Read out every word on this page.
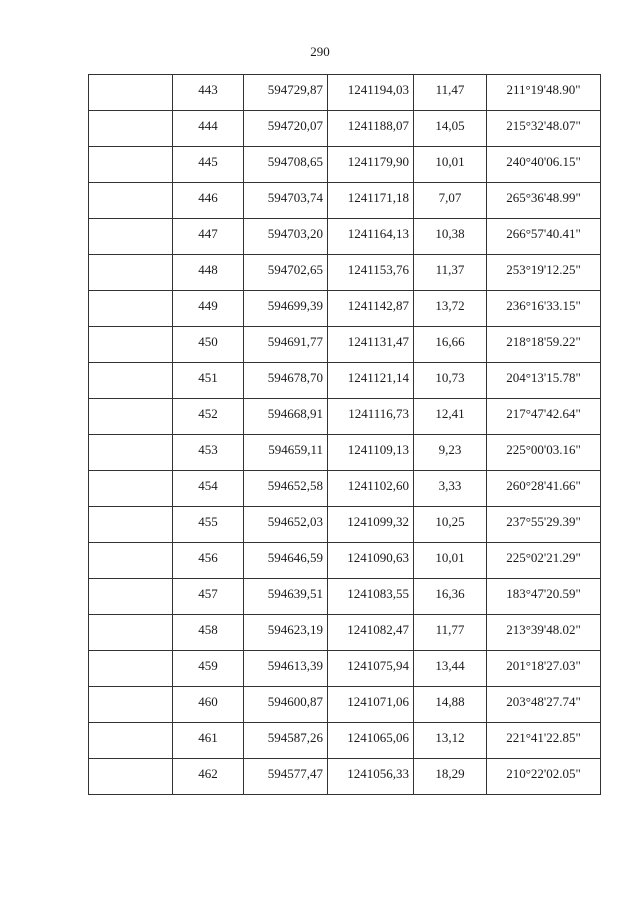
290
	443	594729,87	1241194,03	11,47	211°19'48.90"
	444	594720,07	1241188,07	14,05	215°32'48.07"
	445	594708,65	1241179,90	10,01	240°40'06.15"
	446	594703,74	1241171,18	7,07	265°36'48.99"
	447	594703,20	1241164,13	10,38	266°57'40.41"
	448	594702,65	1241153,76	11,37	253°19'12.25"
	449	594699,39	1241142,87	13,72	236°16'33.15"
	450	594691,77	1241131,47	16,66	218°18'59.22"
	451	594678,70	1241121,14	10,73	204°13'15.78"
	452	594668,91	1241116,73	12,41	217°47'42.64"
	453	594659,11	1241109,13	9,23	225°00'03.16"
	454	594652,58	1241102,60	3,33	260°28'41.66"
	455	594652,03	1241099,32	10,25	237°55'29.39"
	456	594646,59	1241090,63	10,01	225°02'21.29"
	457	594639,51	1241083,55	16,36	183°47'20.59"
	458	594623,19	1241082,47	11,77	213°39'48.02"
	459	594613,39	1241075,94	13,44	201°18'27.03"
	460	594600,87	1241071,06	14,88	203°48'27.74"
	461	594587,26	1241065,06	13,12	221°41'22.85"
	462	594577,47	1241056,33	18,29	210°22'02.05"
